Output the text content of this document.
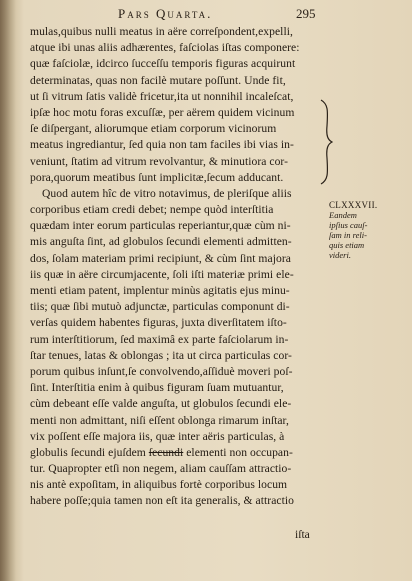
Pars Quarta.	295
mulas,quibus nulli meatus in aëre correſpondent,expelli,
atque ibi unas aliis adhærentes, faſciolas iſtas componere:
quæ faſciolæ, idcirco ſucceſſu temporis figuras acquirunt
determinatas, quas non facilè mutare poſſunt. Unde fit,
ut ſi vitrum ſatis validè fricetur,ita ut nonnihil incaleſcat,
ipſæ hoc motu foras excuſſæ, per aërem quidem vicinum
ſe diſpergant, aliorumque etiam corporum vicinorum
meatus ingrediantur, ſed quia non tam faciles ibi vias in-
veniunt, ſtatim ad vitrum revolvantur, & minutiora cor-
pora,quorum meatibus ſunt implicitæ,ſecum adducant.
Quod autem hîc de vitro notavimus, de pleriſque aliis
corporibus etiam credi debet; nempe quòd interſtitia
quædam inter eorum particulas reperiantur,quæ cùm ni-
mis anguſta ſint, ad globulos ſecundi elementi admitten-
dos, ſolam materiam primi recipiunt, & cùm ſint majora
iis quæ in aëre circumjacente, ſoli iſti materiæ primi ele-
menti etiam patent, implentur minùs agitatis ejus minu-
tiis; quæ ſibi mutuò adjunctæ, particulas componunt di-
verſas quidem habentes figuras, juxta diverſitatem iſto-
rum interſtitiorum, ſed maximâ ex parte faſciolarum in-
ſtar tenues, latas & oblongas ; ita ut circa particulas cor-
porum quibus inſunt,ſe convolvendo,aſſiduè moveri poſ-
ſint. Interſtitia enim à quibus figuram ſuam mutuantur,
cùm debeant eſſe valde anguſta, ut globulos ſecundi ele-
menti non admittant, niſi eſſent oblonga rimarum inſtar,
vix poſſent eſſe majora iis, quæ inter aëris particulas, à
globulis ſecundi ejuſdem ſecundi elementi non occupan-
tur. Quapropter etſi non negem, aliam cauſſam attractio-
nis antè expoſitam, in aliquibus fortè corporibus locum
habere poſſe;quia tamen non eſt ita generalis, & attractio
CLXXXVII.
Eandem
ipſius cauſ-
ſam in reli-
quis etiam
videri.
iſta
